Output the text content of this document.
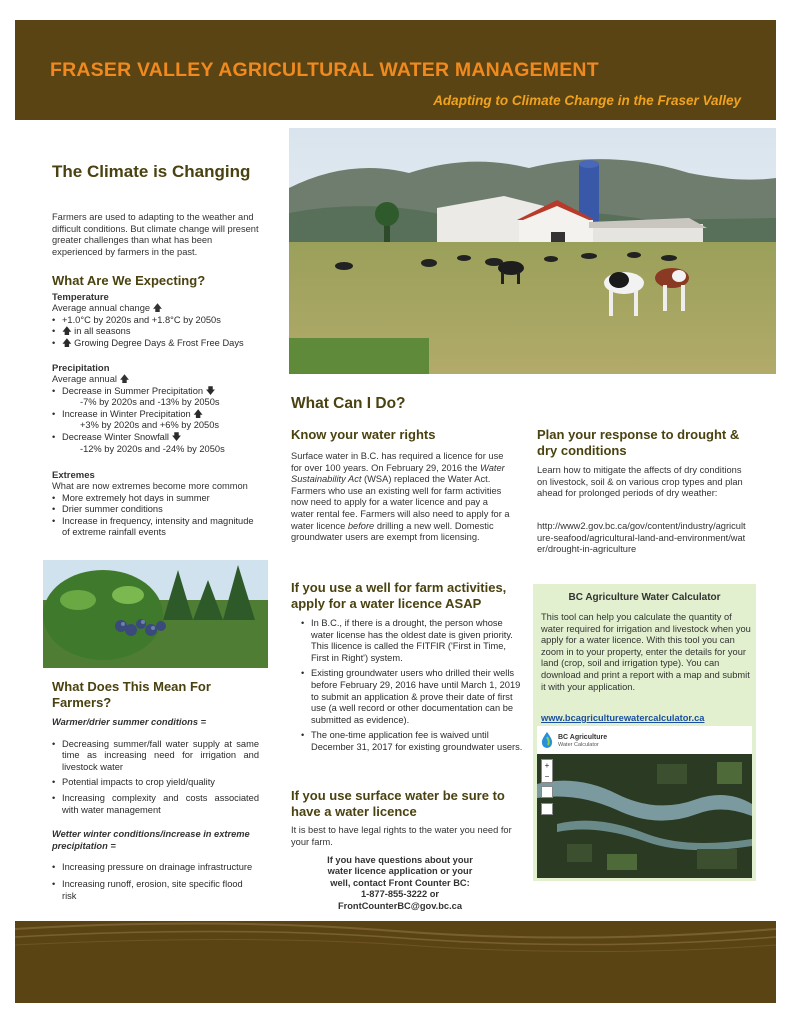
FRASER VALLEY AGRICULTURAL WATER MANAGEMENT
Adapting to Climate Change in the Fraser Valley
The Climate is Changing
Farmers are used to adapting to the weather and difficult conditions. But climate change will present greater challenges than what has been experienced by farmers in the past.
What Are We Expecting?
Temperature
Average annual change 🡅
• +1.0°C by 2020s and +1.8°C by 2050s
• 🡅 in all seasons
• 🡅 Growing Degree Days & Frost Free Days
Precipitation
Average annual 🡅
• Decrease in Summer Precipitation 🡇
-7% by 2020s and -13% by 2050s
• Increase in Winter Precipitation 🡅
+3% by 2020s and +6% by 2050s
• Decrease Winter Snowfall 🡇
-12% by 2020s and -24% by 2050s
Extremes
What are now extremes become more common
• More extremely hot days in summer
• Drier summer conditions
• Increase in frequency, intensity and magnitude of extreme rainfall events
What Does This Mean For Farmers?
Warmer/drier summer conditions =
• Decreasing summer/fall water supply at same time as increasing need for irrigation and livestock water
• Potential impacts to crop yield/quality
• Increasing complexity and costs associated with water management
Wetter winter conditions/increase in extreme precipitation =
• Increasing pressure on drainage infrastructure
• Increasing runoff, erosion, site specific flood risk
What Can I Do?
Know your water rights
Surface water in B.C. has required a licence for use for over 100 years. On February 29, 2016 the Water Sustainability Act (WSA) replaced the Water Act. Farmers who use an existing well for farm activities now need to apply for a water licence and pay a water rental fee. Farmers will also need to apply for a water licence before drilling a new well. Domestic groundwater users are exempt from licensing.
If you use a well for farm activities, apply for a water licence ASAP
• In B.C., if there is a drought, the person whose water license has the oldest date is given priority. This llicence is called the FITFIR ('First in Time, First in Right') system.
• Existing groundwater users who drilled their wells before February 29, 2016 have until March 1, 2019 to submit an application & prove their date of first use (a well record or other documentation can be submitted as evidence).
• The one-time application fee is waived until December 31, 2017 for existing groundwater users.
If you use surface water be sure to have a water licence
It is best to have legal rights to the water you need for your farm.
If you have questions about your
water licence application or your
well, contact Front Counter BC:
1-877-855-3222 or
FrontCounterBC@gov.bc.ca
Plan your response to drought & dry conditions
Learn how to mitigate the affects of dry conditions on livestock, soil & on various crop types and plan ahead for prolonged periods of dry weather:
http://www2.gov.bc.ca/gov/content/industry/agriculture-seafood/agricultural-land-and-environment/water/drought-in-agriculture
BC Agriculture Water Calculator
This tool can help you calculate the quantity of water required for irrigation and livestock when you apply for a water licence. With this tool you can zoom in to your property, enter the details for your land (crop, soil and irrigation type). You can download and print a report with a map and submit it with your application.
www.bcagriculturewatercalculator.ca
BC Agriculture
Water Calculator
+
−
